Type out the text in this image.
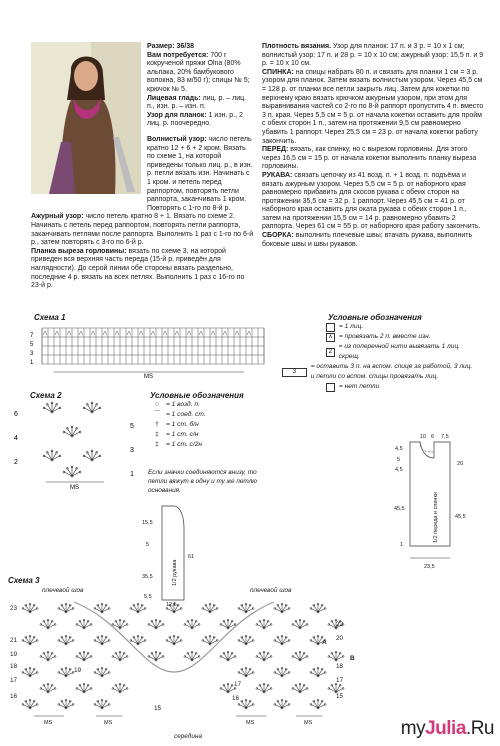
Размер: 36/38

Вам потребуется: 700 г кокрученой пряжи Olna (80% альпака, 20% бамбукового волокна, 83 м/50 г); спицы № 5; крючок № 5.

Лицевая гладь: лиц. р. – лиц. п., изн. р. – изн. п.

Узор для планок: 1 изн. р., 2 лиц. р. поочередно.

Волнистый узор: число петель кратно 12 + 6 + 2 кром. Вязать по схеме 1, на которой приведены только лиц. р., в изн. р. петли вязать изн. Начинать с 1 кром. и петель перед раппортом, повторять петли раппорта, заканчивать 1 кром. Повторять с 1-го по 8-й р.

Ажурный узор: число петель кратно 8 + 1. Вязать по схеме 2. Начинать с петель перед раппортом, повторять петли раппорта, заканчивать петлями после раппорта. Выполнить 1 раз с 1-го по 6-й р., затем повторять с 3-го по 6-й р.

Планка выреза горловины: вязать по схеме 3, на которой приведен вся верхняя часть переда (15-й р. приведён для наглядности). До серой линии обе стороны вязать раздельно, последние 4 р. вязать на всех петлях. Выполнить 1 раз с 16-го по 23-й р.

Плотность вязания. Узор для планок: 17 п. и 3 р. = 10 x 1 см; волнистый узор: 17 п. и 28 р. = 10 x 10 см; ажурный узор: 15,5 п. и 9 р. = 10 x 10 см.

СПИНКА: на спицы набрать 80 п. и связать для планки 1 см = 3 р. узором для планок. Затем вязать волнистым узором. Через 45,5 см = 128 р. от планки все петли закрыть лиц. Затем для кокетки по верхнему краю вязать крючком ажурным узором, при этом для выравнивания частей со 2-го по 8-й раппорт пропустить 4 п. вместо 3 п. края. Через 5,5 см = 5 р. от начала кокетки оставить для пройм с обеих сторон 1 п., затем на протяжении 9,5 см равномерно убавить 1 раппорт. Через 25,5 см = 23 р. от начала кокетки работу закончить.

ПЕРЕД: вязать, как спинку, но с вырезом горловины. Для этого через 16,5 см = 15 р. от начала кокетки выполнить планку выреза горловины.

РУКАВА: связать цепочку из 41 возд. п. + 1 возд. п. подъёма и вязать ажурным узором. Через 5,5 см = 5 р. от наборного края равномерно прибавить для скосов рукава с обеих сторон на протяжении 35,5 см = 32 р. 1 раппорт. Через 45,5 см = 41 р. от наборного края оставить для оката рукава с обеих сторон 1 п., затем на протяжении 15,5 см = 14 р. равномерно убавить 2 раппорта. Через 61 см = 55 р. от наборного края работу закончить.

СБОРКА: выполнить плечевые швы; втачать рукава, выполнить боковые швы и швы рукавов.

Схема 1
7
5
3
1
MS
Условные обозначения
= 1 лиц.
∧ = провязать 2 п. вместе изн.
2
= из поперечной нити вывязать 1 лиц. скрещ.
3
= оставить 3 п. на вспом. спице за работой, 3 лиц. и петли со вспом. спицы провязать лиц.
= нет петли
Схема 2
6
4
2
5
3
1
MS
Условные обозначения
○	= 1 возд. п.
⌒ = 1 соед. ст.
†	= 1 ст. б/н
‡	= 1 ст. с/н
‡	= 1 ст. с/2н
Если значки соединяются внизу, то петли вяжут в одну и ту же петлю основания.
10 6 7,5
4,5
5
4,5
45,5
1
20
45,5
23,5
1/2 переда и спинки
15,5
5
35,5
5,5
61
12,5
1/2 рукава
Схема 3
плечевой шов	плечевой шов
середина
23
21
19
18
17
16
22
20
18
17
15
19
17
16
15
A
B
MS	MS	MS	MS	myJulia.Ru
